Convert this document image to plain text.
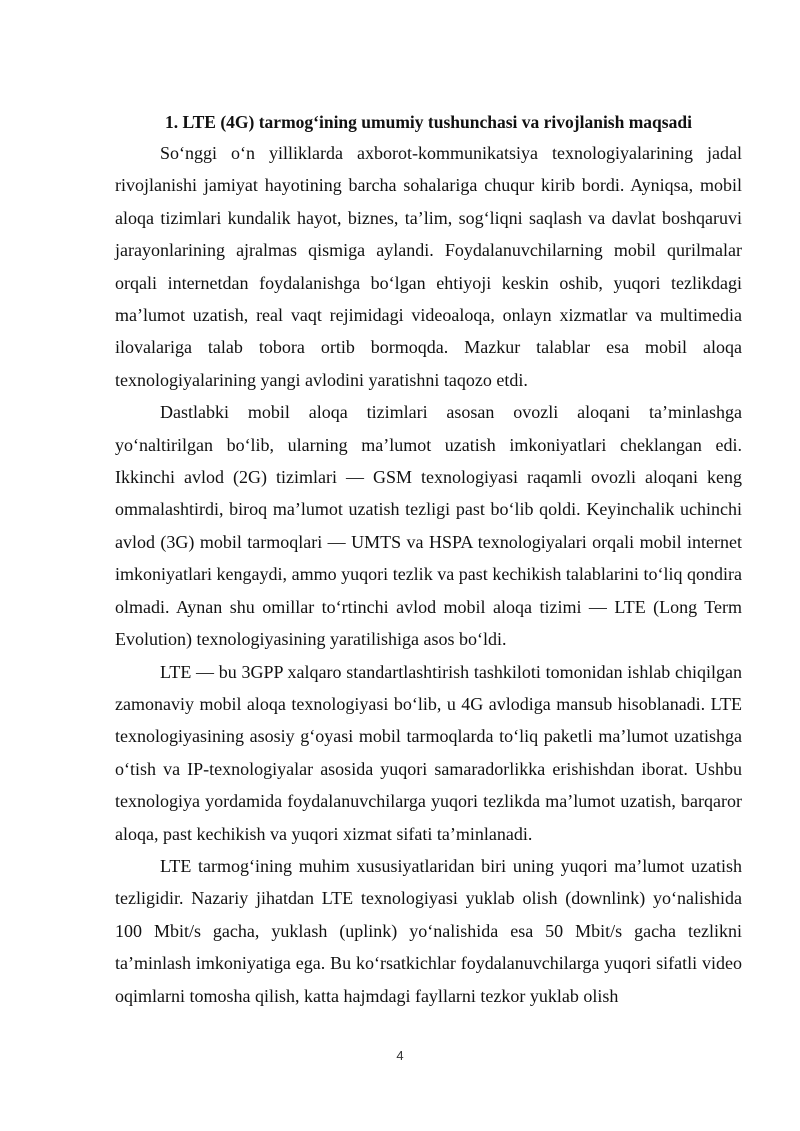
1. LTE (4G) tarmog‘ining umumiy tushunchasi va rivojlanish maqsadi

So‘nggi o‘n yilliklarda axborot-kommunikatsiya texnologiyalarining jadal rivojlanishi jamiyat hayotining barcha sohalariga chuqur kirib bordi. Ayniqsa, mobil aloqa tizimlari kundalik hayot, biznes, ta’lim, sog‘liqni saqlash va davlat boshqaruvi jarayonlarining ajralmas qismiga aylandi. Foydalanuvchilarning mobil qurilmalar orqali internetdan foydalanishga bo‘lgan ehtiyoji keskin oshib, yuqori tezlikdagi ma’lumot uzatish, real vaqt rejimidagi videoaloqa, onlayn xizmatlar va multimedia ilovalariga talab tobora ortib bormoqda. Mazkur talablar esa mobil aloqa texnologiyalarining yangi avlodini yaratishni taqozo etdi.

Dastlabki mobil aloqa tizimlari asosan ovozli aloqani ta’minlashga yo‘naltirilgan bo‘lib, ularning ma’lumot uzatish imkoniyatlari cheklangan edi. Ikkinchi avlod (2G) tizimlari — GSM texnologiyasi raqamli ovozli aloqani keng ommalashtirdi, biroq ma’lumot uzatish tezligi past bo‘lib qoldi. Keyinchalik uchinchi avlod (3G) mobil tarmoqlari — UMTS va HSPA texnologiyalari orqali mobil internet imkoniyatlari kengaydi, ammo yuqori tezlik va past kechikish talablarini to‘liq qondira olmadi. Aynan shu omillar to‘rtinchi avlod mobil aloqa tizimi — LTE (Long Term Evolution) texnologiyasining yaratilishiga asos bo‘ldi.

LTE — bu 3GPP xalqaro standartlashtirish tashkiloti tomonidan ishlab chiqilgan zamonaviy mobil aloqa texnologiyasi bo‘lib, u 4G avlodiga mansub hisoblanadi. LTE texnologiyasining asosiy g‘oyasi mobil tarmoqlarda to‘liq paketli ma’lumot uzatishga o‘tish va IP-texnologiyalar asosida yuqori samaradorlikka erishishdan iborat. Ushbu texnologiya yordamida foydalanuvchilarga yuqori tezlikda ma’lumot uzatish, barqaror aloqa, past kechikish va yuqori xizmat sifati ta’minlanadi.

LTE tarmog‘ining muhim xususiyatlaridan biri uning yuqori ma’lumot uzatish tezligidir. Nazariy jihatdan LTE texnologiyasi yuklab olish (downlink) yo‘nalishida 100 Mbit/s gacha, yuklash (uplink) yo‘nalishida esa 50 Mbit/s gacha tezlikni ta’minlash imkoniyatiga ega. Bu ko‘rsatkichlar foydalanuvchilarga yuqori sifatli video oqimlarni tomosha qilish, katta hajmdagi fayllarni tezkor yuklab olish

4
